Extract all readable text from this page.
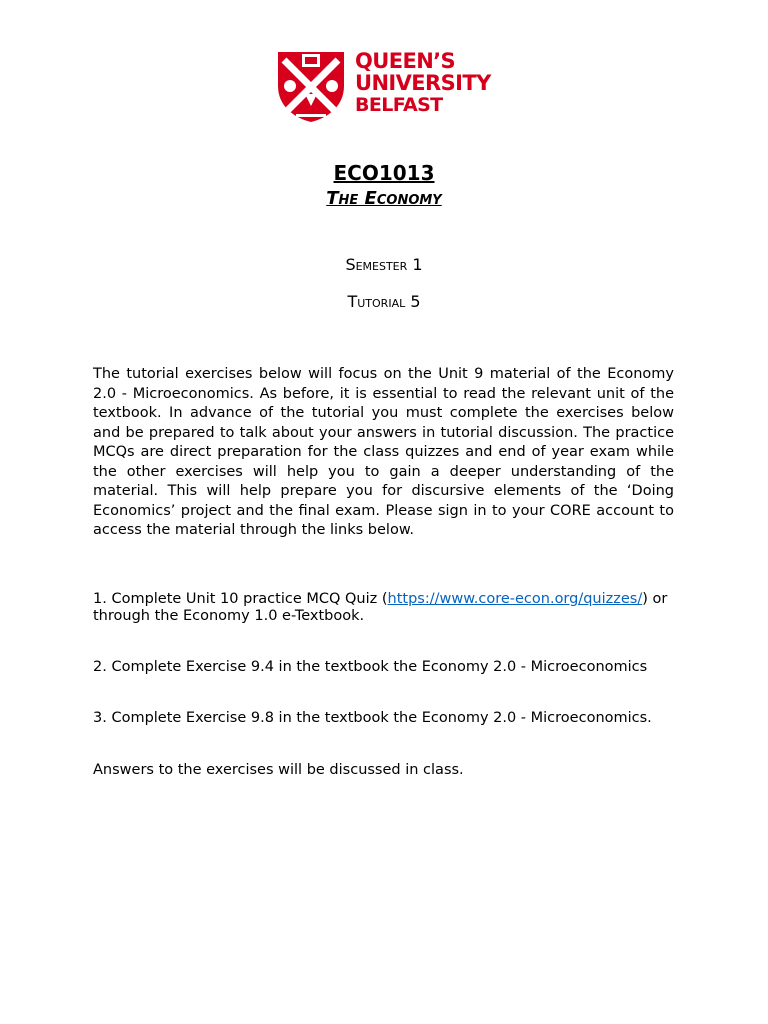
QUEEN’S
UNIVERSITY
BELFAST
ECO1013
The Economy
Semester 1
Tutorial 5

The tutorial exercises below will focus on the Unit 9 material of the Economy 2.0 - Microeconomics. As before, it is essential to read the relevant unit of the textbook. In advance of the tutorial you must complete the exercises below and be prepared to talk about your answers in tutorial discussion. The practice MCQs are direct preparation for the class quizzes and end of year exam while the other exercises will help you to gain a deeper understanding of the material. This will help prepare you for discursive elements of the ‘Doing Economics’ project and the final exam. Please sign in to your CORE account to access the material through the links below.

1. Complete Unit 10 practice MCQ Quiz (https://www.core-econ.org/quizzes/) or through the Economy 1.0 e-Textbook.

2. Complete Exercise 9.4 in the textbook the Economy 2.0 - Microeconomics

3. Complete Exercise 9.8 in the textbook the Economy 2.0 - Microeconomics.

Answers to the exercises will be discussed in class.
